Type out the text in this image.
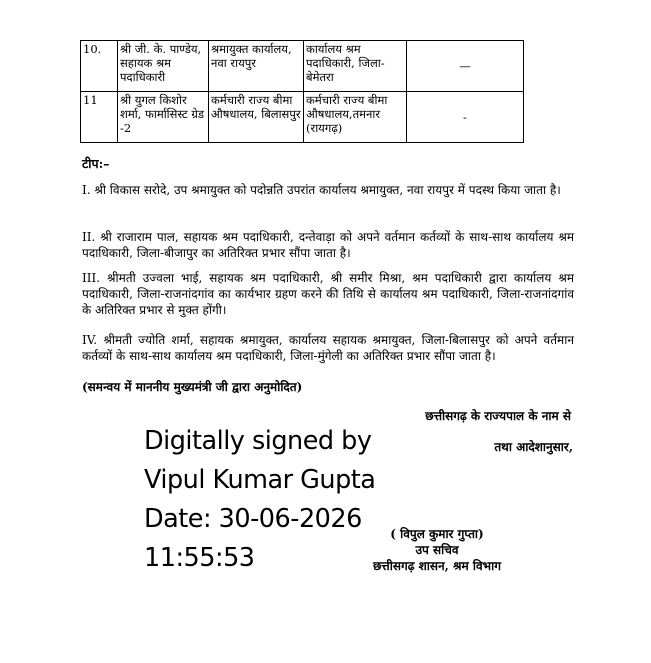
10.	श्री जी. के. पाण्डेय, सहायक श्रम पदाधिकारी	श्रमायुक्त कार्यालय, नवा रायपुर	कार्यालय श्रम पदाधिकारी, जिला-बेमेतरा	—
11	श्री युगल किशोर शर्मा, फार्मासिस्ट ग्रेड -2	कर्मचारी राज्य बीमा औषधालय, बिलासपुर	कर्मचारी राज्य बीमा औषधालय,तमनार (रायगढ़)	-
टीप:–
I. श्री विकास सरोदे, उप श्रमायुक्त को पदोन्नति उपरांत कार्यालय श्रमायुक्त, नवा रायपुर में पदस्थ किया जाता है।
II. श्री राजाराम पाल, सहायक श्रम पदाधिकारी, दन्तेवाड़ा को अपने वर्तमान कर्तव्यों के साथ-साथ कार्यालय श्रम पदाधिकारी, जिला-बीजापुर का अतिरिक्त प्रभार सौंपा जाता है।
III. श्रीमती उज्वला भाई, सहायक श्रम पदाधिकारी, श्री समीर मिश्रा, श्रम पदाधिकारी द्वारा कार्यालय श्रम पदाधिकारी, जिला-राजनांदगांव का कार्यभार ग्रहण करने की तिथि से कार्यालय श्रम पदाधिकारी, जिला-राजनांदगांव के अतिरिक्त प्रभार से मुक्त होंगी।
IV. श्रीमती ज्योति शर्मा, सहायक श्रमायुक्त, कार्यालय सहायक श्रमायुक्त, जिला-बिलासपुर को अपने वर्तमान कर्तव्यों के साथ-साथ कार्यालय श्रम पदाधिकारी, जिला-मुंगेली का अतिरिक्त प्रभार सौंपा जाता है।
(समन्वय में माननीय मुख्यमंत्री जी द्वारा अनुमोदित)
छत्तीसगढ़ के राज्यपाल के नाम से
तथा आदेशानुसार,
Digitally signed by
Vipul Kumar Gupta
Date: 30-06-2026
11:55:53
( विपुल कुमार गुप्ता)
उप सचिव
छत्तीसगढ़ शासन, श्रम विभाग
